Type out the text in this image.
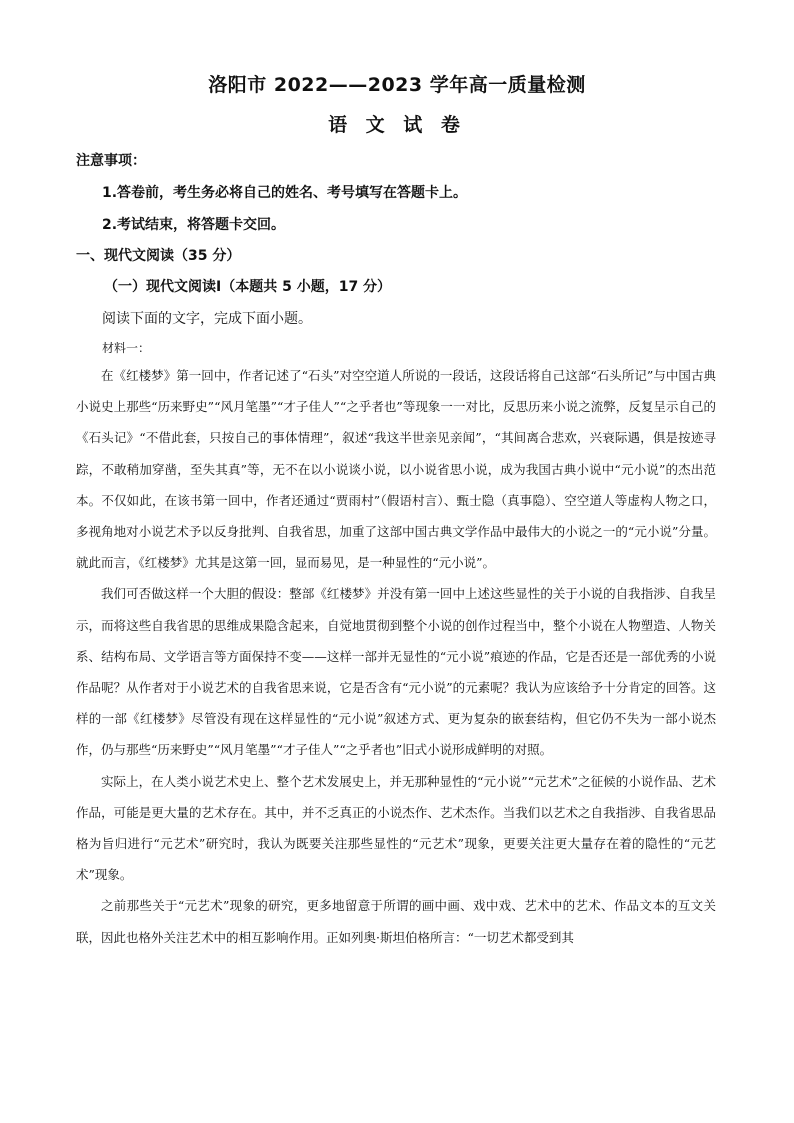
洛阳市 2022——2023 学年高一质量检测
语 文 试 卷
注意事项：
1.答卷前，考生务必将自己的姓名、考号填写在答题卡上。
2.考试结束，将答题卡交回。
一、现代文阅读（35 分）
（一）现代文阅读Ⅰ（本题共 5 小题，17 分）
阅读下面的文字，完成下面小题。
材料一：

在《红楼梦》第一回中，作者记述了“石头”对空空道人所说的一段话，这段话将自己这部“石头所记”与中国古典小说史上那些“历来野史”“风月笔墨”“才子佳人”“之乎者也”等现象一一对比，反思历来小说之流弊，反复呈示自己的《石头记》“不借此套，只按自己的事体情理”，叙述“我这半世亲见亲闻”，“其间离合悲欢，兴衰际遇，俱是按迹寻踪，不敢稍加穿凿，至失其真”等，无不在以小说谈小说，以小说省思小说，成为我国古典小说中“元小说”的杰出范本。不仅如此，在该书第一回中，作者还通过“贾雨村”（假语村言）、甄士隐（真事隐）、空空道人等虚构人物之口，多视角地对小说艺术予以反身批判、自我省思，加重了这部中国古典文学作品中最伟大的小说之一的“元小说”分量。就此而言，《红楼梦》尤其是这第一回，显而易见，是一种显性的“元小说”。

我们可否做这样一个大胆的假设：整部《红楼梦》并没有第一回中上述这些显性的关于小说的自我指涉、自我呈示，而将这些自我省思的思维成果隐含起来，自觉地贯彻到整个小说的创作过程当中，整个小说在人物塑造、人物关系、结构布局、文学语言等方面保持不变——这样一部并无显性的“元小说”痕迹的作品，它是否还是一部优秀的小说作品呢？从作者对于小说艺术的自我省思来说，它是否含有“元小说”的元素呢？我认为应该给予十分肯定的回答。这样的一部《红楼梦》尽管没有现在这样显性的“元小说”叙述方式、更为复杂的嵌套结构，但它仍不失为一部小说杰作，仍与那些“历来野史”“风月笔墨”“才子佳人”“之乎者也”旧式小说形成鲜明的对照。

实际上，在人类小说艺术史上、整个艺术发展史上，并无那种显性的“元小说”“元艺术”之征候的小说作品、艺术作品，可能是更大量的艺术存在。其中，并不乏真正的小说杰作、艺术杰作。当我们以艺术之自我指涉、自我省思品格为旨归进行“元艺术”研究时，我认为既要关注那些显性的“元艺术”现象，更要关注更大量存在着的隐性的“元艺术”现象。

之前那些关于“元艺术”现象的研究，更多地留意于所谓的画中画、戏中戏、艺术中的艺术、作品文本的互文关联，因此也格外关注艺术中的相互影响作用。正如列奥·斯坦伯格所言：“一切艺术都受到其
